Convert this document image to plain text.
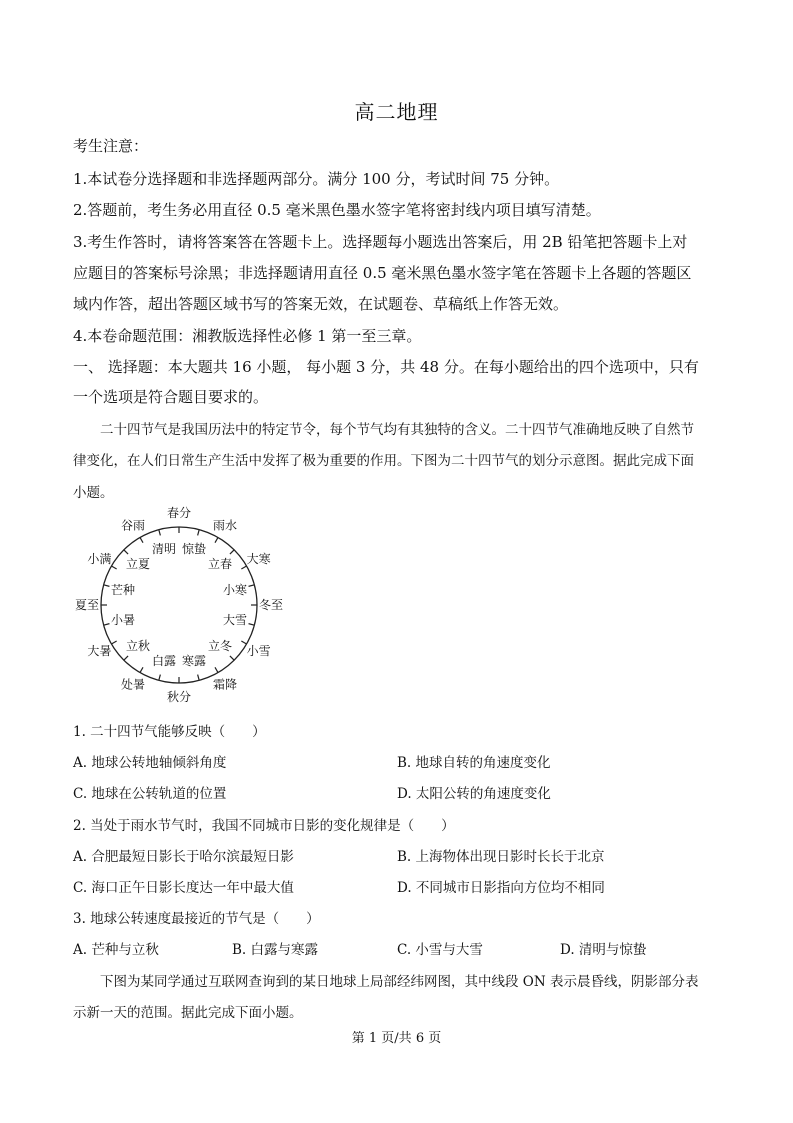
高二地理
考生注意：
1.本试卷分选择题和非选择题两部分。满分 100 分，考试时间 75 分钟。
2.答题前，考生务必用直径 0.5 毫米黑色墨水签字笔将密封线内项目填写清楚。
3.考生作答时，请将答案答在答题卡上。选择题每小题选出答案后，用 2B 铅笔把答题卡上对
应题目的答案标号涂黑；非选择题请用直径 0.5 毫米黑色墨水签字笔在答题卡上各题的答题区
域内作答，超出答题区域书写的答案无效，在试题卷、草稿纸上作答无效。
4.本卷命题范围：湘教版选择性必修 1 第一至三章。
一、 选择题：本大题共 16 小题， 每小题 3 分，共 48 分。在每小题给出的四个选项中，只有
一个选项是符合题目要求的。
二十四节气是我国历法中的特定节令，每个节气均有其独特的含义。二十四节气准确地反映了自然节
律变化，在人们日常生产生活中发挥了极为重要的作用。下图为二十四节气的划分示意图。据此完成下面
小题。
春分
雨水
大寒
冬至
小雪
霜降
秋分
处暑
大暑
夏至
小满
谷雨
惊蛰
立春
小寒
大雪
立冬
寒露
白露
立秋
小暑
芒种
立夏
清明
1. 二十四节气能够反映（　　）
A. 地球公转地轴倾斜角度	B. 地球自转的角速度变化
C. 地球在公转轨道的位置	D. 太阳公转的角速度变化
2. 当处于雨水节气时，我国不同城市日影的变化规律是（　　）
A. 合肥最短日影长于哈尔滨最短日影	B. 上海物体出现日影时长长于北京
C. 海口正午日影长度达一年中最大值	D. 不同城市日影指向方位均不相同
3. 地球公转速度最接近的节气是（　　）
A. 芒种与立秋	B. 白露与寒露	C. 小雪与大雪	D. 清明与惊蛰
下图为某同学通过互联网查询到的某日地球上局部经纬网图，其中线段 ON 表示晨昏线，阴影部分表
示新一天的范围。据此完成下面小题。
第 1 页/共 6 页
